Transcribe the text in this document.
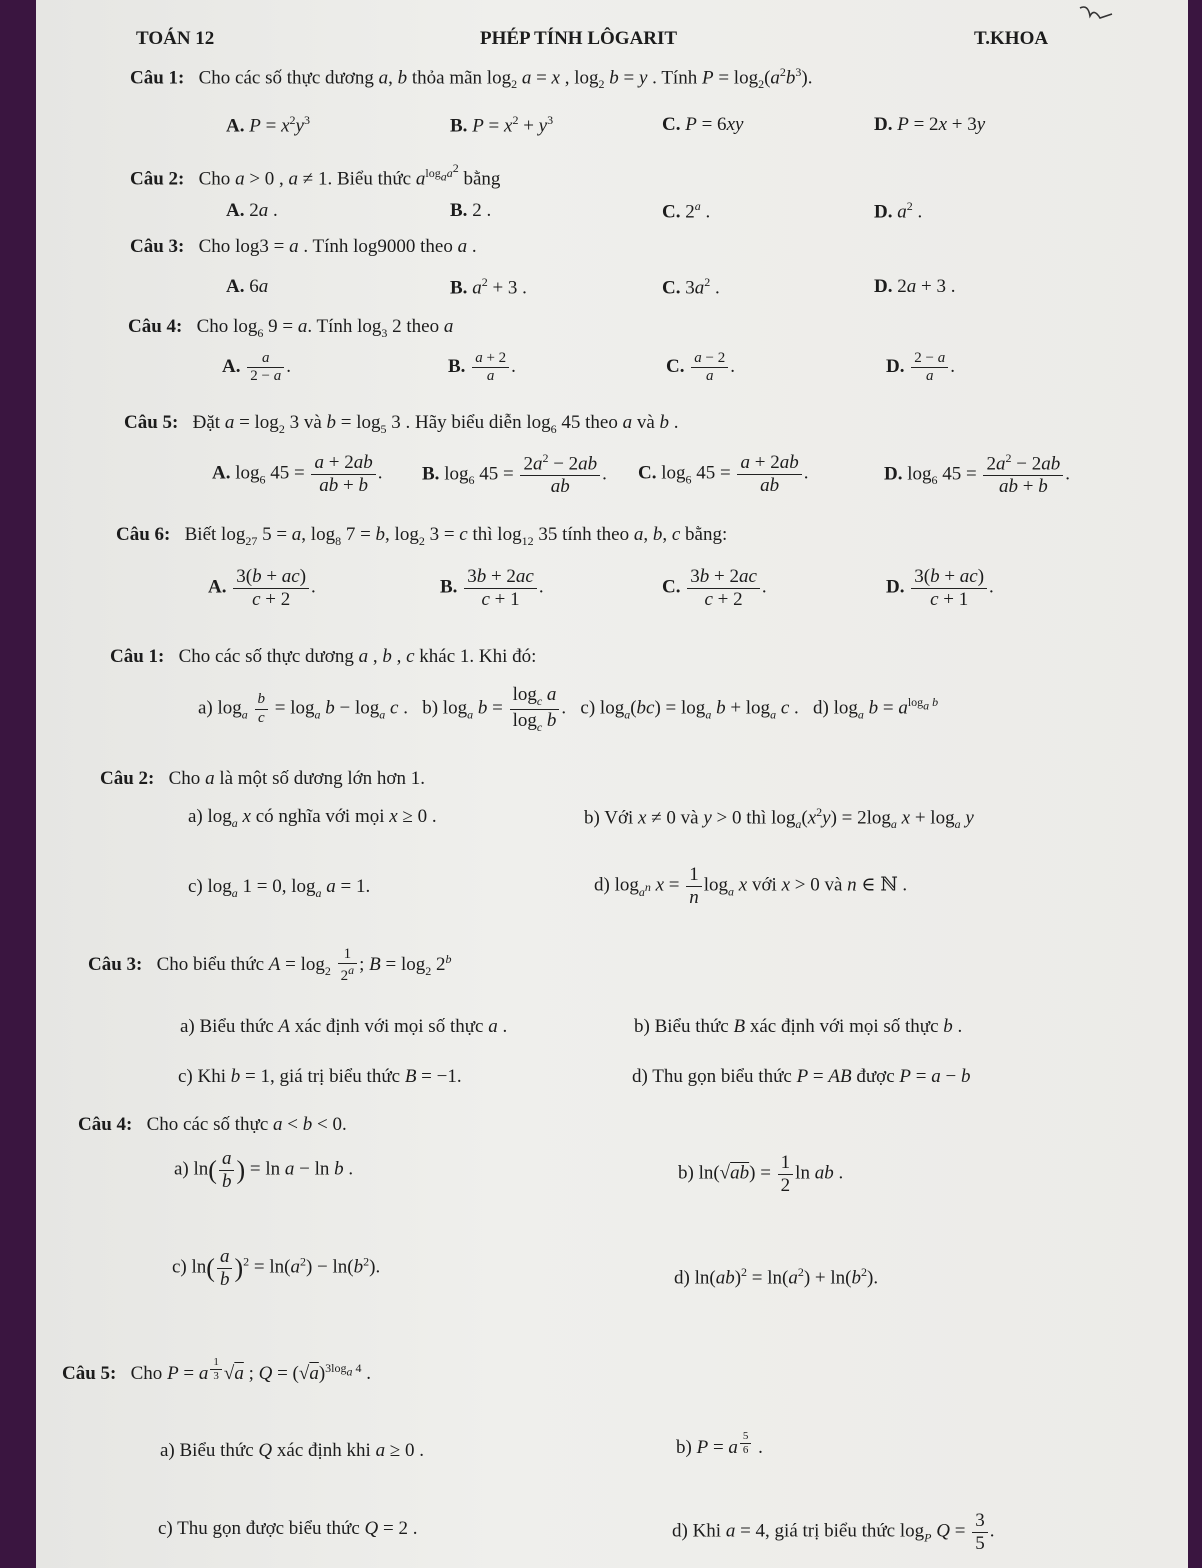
TOÁN 12	PHÉP TÍNH LÔGARIT	T.KHOA
Câu 1: Cho các số thực dương a, b thỏa mãn $\log_2 a = x$ , $\log_2 b = y$ . Tính $P = \log_2(a^2b^3)$.
A. $P = x^2y^3$	B. $P = x^2 + y^3$	C. P = 6xy	D. P = 2x + 3y
Câu 2: Cho a > 0 , a ≠ 1. Biểu thức $a^{log_aa^2}$ bằng
A. 2a .	B. 2 .	C. 2$^a$ .	D. $a^2$ .
Câu 3: Cho log3 = a . Tính log9000 theo a .
A. 6a	B. $a^2 + 3$ .	C. $3a^2$ .	D. 2a + 3 .
Câu 4: Cho $\log_6 9 = a$. Tính $\log_3 2$ theo a
A. $\frac{a}{2 - a}$ .	B. $\frac{a + 2}{a}$ .	C. $\frac{a - 2}{a}$ .	D. $\frac{2 - a}{a}$ .
Câu 5: Đặt $a = \log_2 3$ và $b = \log_5 3$ . Hãy biểu diễn $\log_6 45$ theo a và b .
A. $\log_6 45 = \frac{a + 2ab}{ab + b}$ . B. $\log_6 45 = \frac{2a^2 - 2ab}{ab}$ . C. $\log_6 45 = \frac{a + 2ab}{ab}$ .	D. $\log_6 45 = \frac{2a^2 - 2ab}{ab + b}$ .
Câu 6: Biết $\log_{27} 5 = a$, $\log_8 7 = b$, $\log_2 3 = c$ thì $\log_{12} 35$ tính theo a, b, c bằng:
A. $\frac{3(b + ac)}{c + 2}$ .	B. $\frac{3b + 2ac}{c + 1}$ .	C. $\frac{3b + 2ac}{c + 2}$ .	D. $\frac{3(b + ac)}{c + 1}$ .
Câu 1: Cho các số thực dương a , b , c khác 1. Khi đó:
a) $\log_a \frac{b}{c} = \log_a b - \log_a c$ .   b) $\log_a b = \frac{\log_c a}{\log_c b}$ .   c) $\log_a(bc) = \log_a b + \log_a c$ .   d) $\log_a b = a^{log_a b}$
Câu 2: Cho a là một số dương lớn hơn 1.
a) $\log_a x$ có nghĩa với mọi x ≥ 0 .	b) Với x ≠ 0 và y > 0 thì $\log_a(x^2y) = 2\log_a$ $x + \log_a y$
c) $\log_a 1 = 0$, $\log_a a = 1$.	d) $\log_{a^n} x = \frac{1}{n} \log_a x$ với x > 0 và n ∈ ℕ .
Câu 3: Cho biểu thức $A = \log_2 \frac{1}{2^a}$ ; $B = \log_2 2^b$
a) Biểu thức A xác định với mọi số thực a .	b) Biểu thức B xác định với mọi số thực b .
c) Khi b = 1, giá trị biểu thức B = −1.	d) Thu gọn biểu thức P = AB được P = a − b
Câu 4: Cho các số thực a < b < 0.
a) $\ln( \frac{a}{b}$ ) = ln a − ln b .	b) $\ln(√ab) = \frac{1}{2}$ ln ab .
c) $\ln( \frac{a}{b} )^2 = \ln(a^2) - \ln(b^2)$.
d) $\ln(ab)^2 = \ln(a^2) + \ln(b^2)$.
Câu 5: Cho P = a $^{\frac{1}{3}}$ √a ; $Q = (√a)^{3log_a 4}$ .
a) Biểu thức Q xác định khi a ≥ 0 .	b) P = a $^{\frac{5}{6}}$ .
c) Thu gọn được biểu thức Q = 2 .	d) Khi a = 4, giá trị biểu thức $\log_P Q = \frac{3}{5}$ .
